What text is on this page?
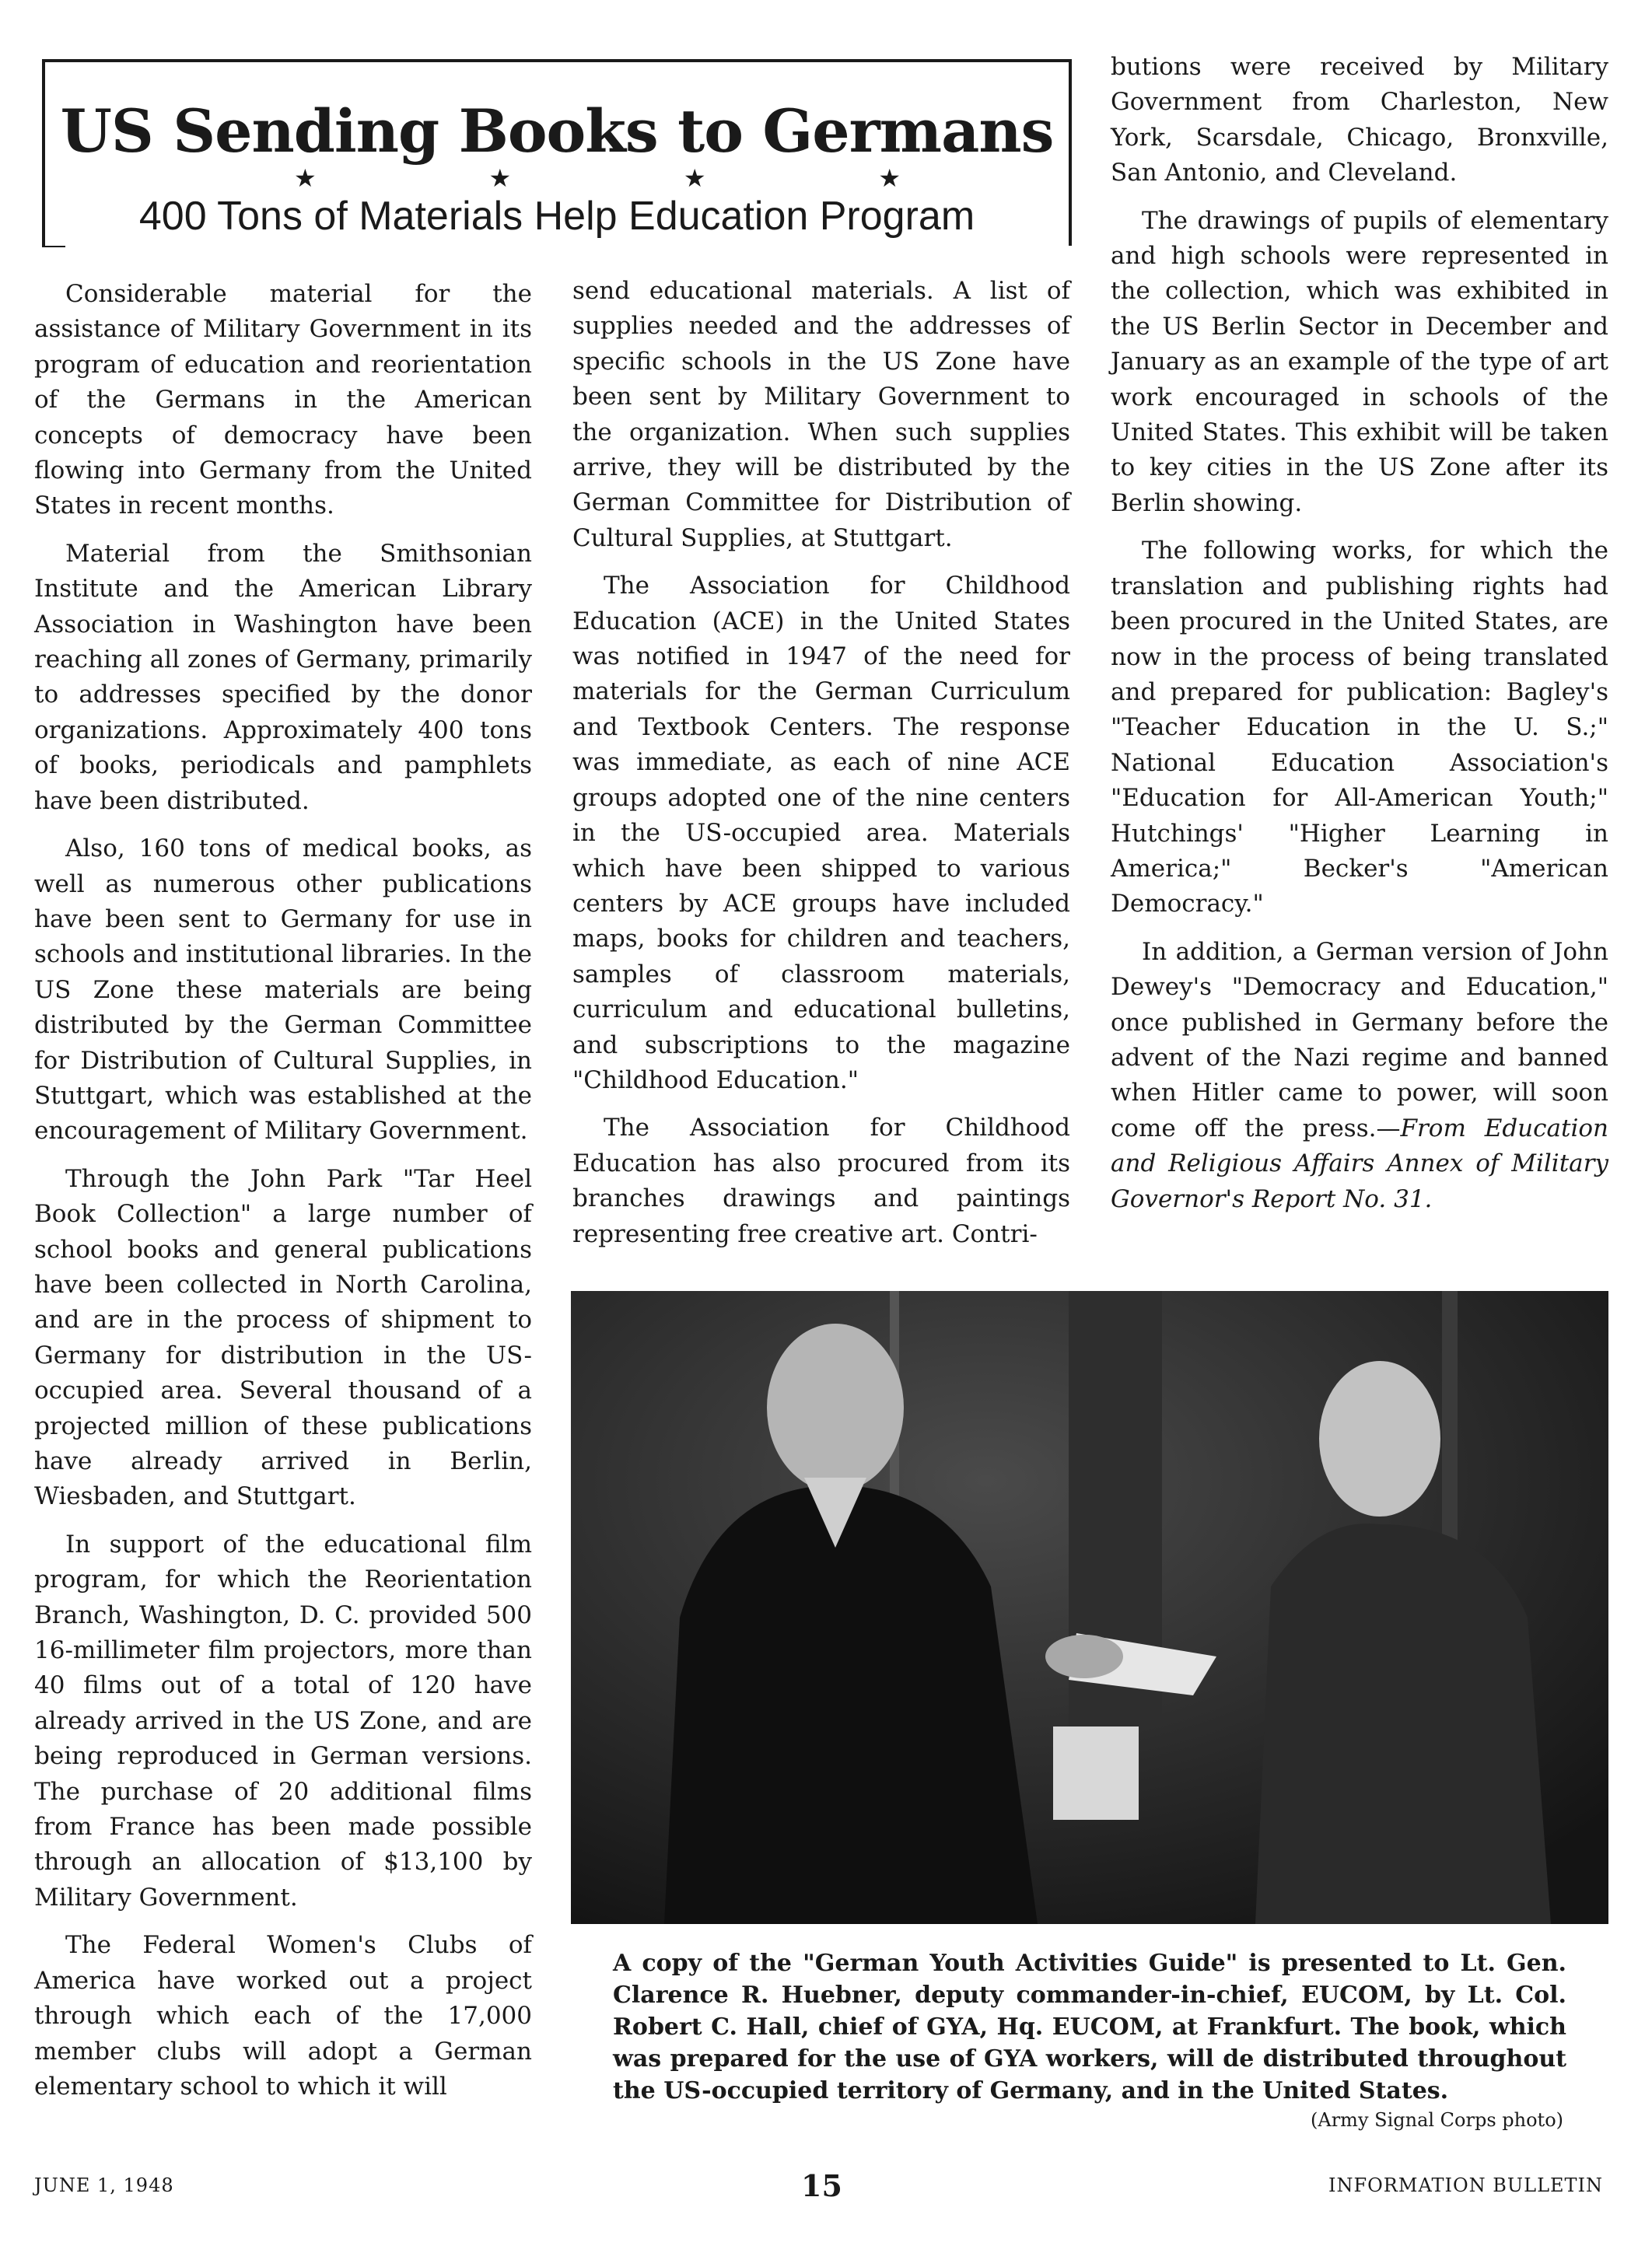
US Sending Books to Germans
★	★	★	★
400 Tons of Materials Help Education Program

Considerable material for the assistance of Military Government in its program of education and reorientation of the Germans in the American concepts of democracy have been flowing into Germany from the United States in recent months.

Material from the Smithsonian Institute and the American Library Association in Washington have been reaching all zones of Germany, primarily to addresses specified by the donor organizations. Approximately 400 tons of books, periodicals and pamphlets have been distributed.

Also, 160 tons of medical books, as well as numerous other publications have been sent to Germany for use in schools and institutional libraries. In the US Zone these materials are being distributed by the German Committee for Distribution of Cultural Supplies, in Stuttgart, which was established at the encouragement of Military Government.

Through the John Park "Tar Heel Book Collection" a large number of school books and general publications have been collected in North Carolina, and are in the process of shipment to Germany for distribution in the US-occupied area. Several thousand of a projected million of these publications have already arrived in Berlin, Wiesbaden, and Stuttgart.

In support of the educational film program, for which the Reorientation Branch, Washington, D. C. provided 500 16-millimeter film projectors, more than 40 films out of a total of 120 have already arrived in the US Zone, and are being reproduced in German versions. The purchase of 20 additional films from France has been made possible through an allocation of $13,100 by Military Government.

The Federal Women's Clubs of America have worked out a project through which each of the 17,000 member clubs will adopt a German elementary school to which it will

send educational materials. A list of supplies needed and the addresses of specific schools in the US Zone have been sent by Military Government to the organization. When such supplies arrive, they will be distributed by the German Committee for Distribution of Cultural Supplies, at Stuttgart.

The Association for Childhood Education (ACE) in the United States was notified in 1947 of the need for materials for the German Curriculum and Textbook Centers. The response was immediate, as each of nine ACE groups adopted one of the nine centers in the US-occupied area. Materials which have been shipped to various centers by ACE groups have included maps, books for children and teachers, samples of classroom materials, curriculum and educational bulletins, and subscriptions to the magazine "Childhood Education."

The Association for Childhood Education has also procured from its branches drawings and paintings representing free creative art. Contri-

butions were received by Military Government from Charleston, New York, Scarsdale, Chicago, Bronxville, San Antonio, and Cleveland.

The drawings of pupils of elementary and high schools were represented in the collection, which was exhibited in the US Berlin Sector in December and January as an example of the type of art work encouraged in schools of the United States. This exhibit will be taken to key cities in the US Zone after its Berlin showing.

The following works, for which the translation and publishing rights had been procured in the United States, are now in the process of being translated and prepared for publication: Bagley's "Teacher Education in the U. S.;" National Education Association's "Education for All-American Youth;" Hutchings' "Higher Learning in America;" Becker's "American Democracy."

In addition, a German version of John Dewey's "Democracy and Education," once published in Germany before the advent of the Nazi regime and banned when Hitler came to power, will soon come off the press.—From Education and Religious Affairs Annex of Military Governor's Report No. 31.

A copy of the "German Youth Activities Guide" is presented to Lt. Gen. Clarence R. Huebner, deputy commander-in-chief, EUCOM, by Lt. Col. Robert C. Hall, chief of GYA, Hq. EUCOM, at Frankfurt. The book, which was prepared for the use of GYA workers, will de distributed throughout the US-occupied territory of Germany, and in the United States.
(Army Signal Corps photo)
JUNE 1, 1948	15	INFORMATION BULLETIN
